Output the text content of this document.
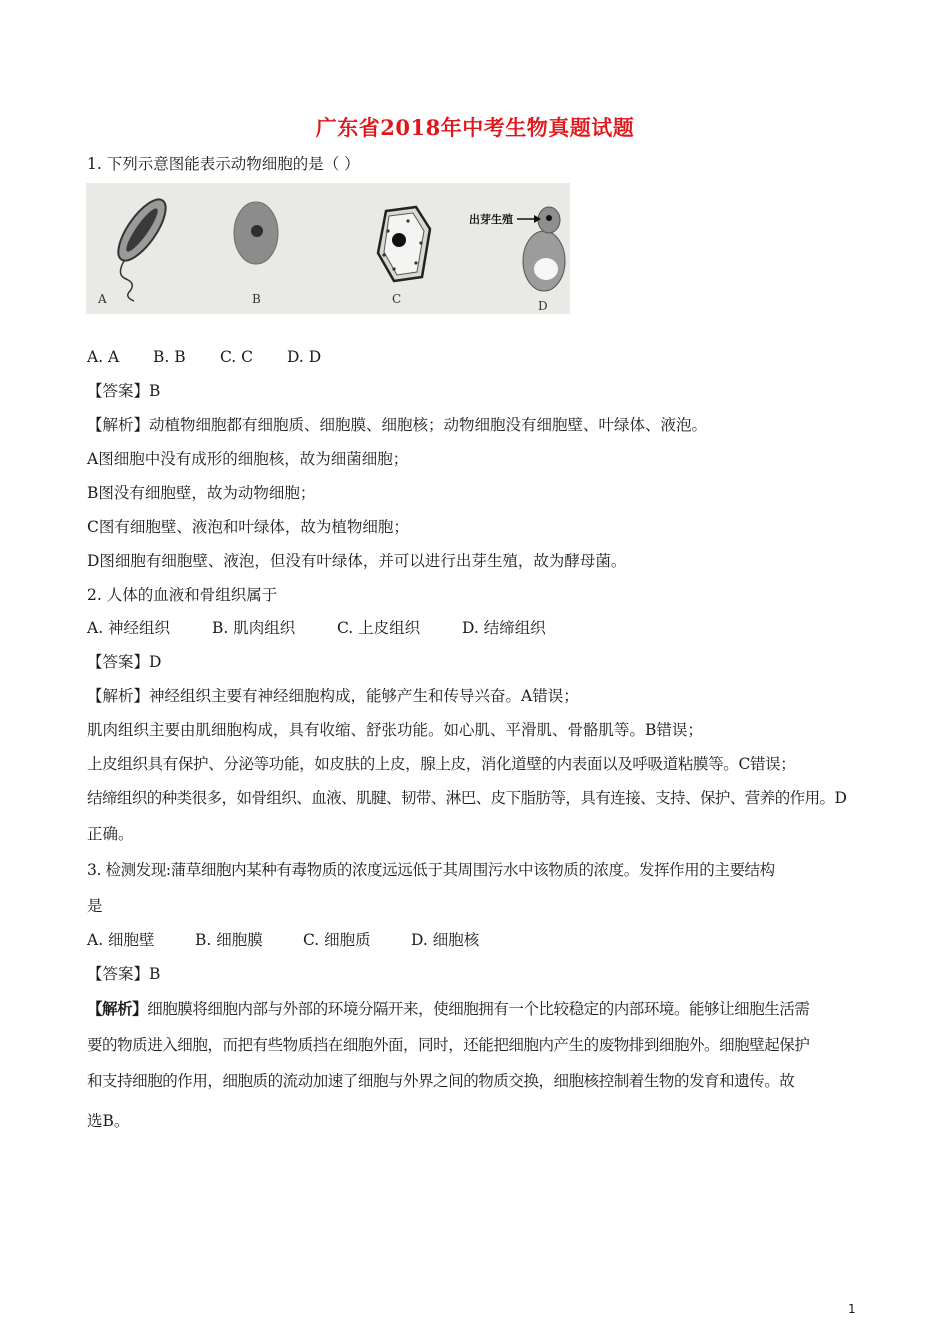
广东省2018年中考生物真题试题
1. 下列示意图能表示动物细胞的是（ ）
A	B	C
出芽生殖
D
A. A B. B C. C D. D
【答案】B
【解析】动植物细胞都有细胞质、细胞膜、细胞核；动物细胞没有细胞壁、叶绿体、液泡。
A图细胞中没有成形的细胞核，故为细菌细胞；
B图没有细胞壁，故为动物细胞；
C图有细胞壁、液泡和叶绿体，故为植物细胞；
D图细胞有细胞壁、液泡，但没有叶绿体，并可以进行出芽生殖，故为酵母菌。
2. 人体的血液和骨组织属于
A. 神经组织	B. 肌肉组织	C. 上皮组织	D. 结缔组织
【答案】D
【解析】神经组织主要有神经细胞构成，能够产生和传导兴奋。A错误；
肌肉组织主要由肌细胞构成，具有收缩、舒张功能。如心肌、平滑肌、骨骼肌等。B错误；
上皮组织具有保护、分泌等功能，如皮肤的上皮，腺上皮，消化道壁的内表面以及呼吸道粘膜等。C错误；
结缔组织的种类很多，如骨组织、血液、肌腱、韧带、淋巴、皮下脂肪等，具有连接、支持、保护、营养的作用。D
正确。
3. 检测发现:蒲草细胞内某种有毒物质的浓度远远低于其周围污水中该物质的浓度。发挥作用的主要结构
是
A. 细胞壁	B. 细胞膜	C. 细胞质	D. 细胞核
【答案】B
【解析】细胞膜将细胞内部与外部的环境分隔开来，使细胞拥有一个比较稳定的内部环境。能够让细胞生活需
要的物质进入细胞，而把有些物质挡在细胞外面，同时，还能把细胞内产生的废物排到细胞外。细胞壁起保护
和支持细胞的作用，细胞质的流动加速了细胞与外界之间的物质交换，细胞核控制着生物的发育和遗传。故
选B。
1
